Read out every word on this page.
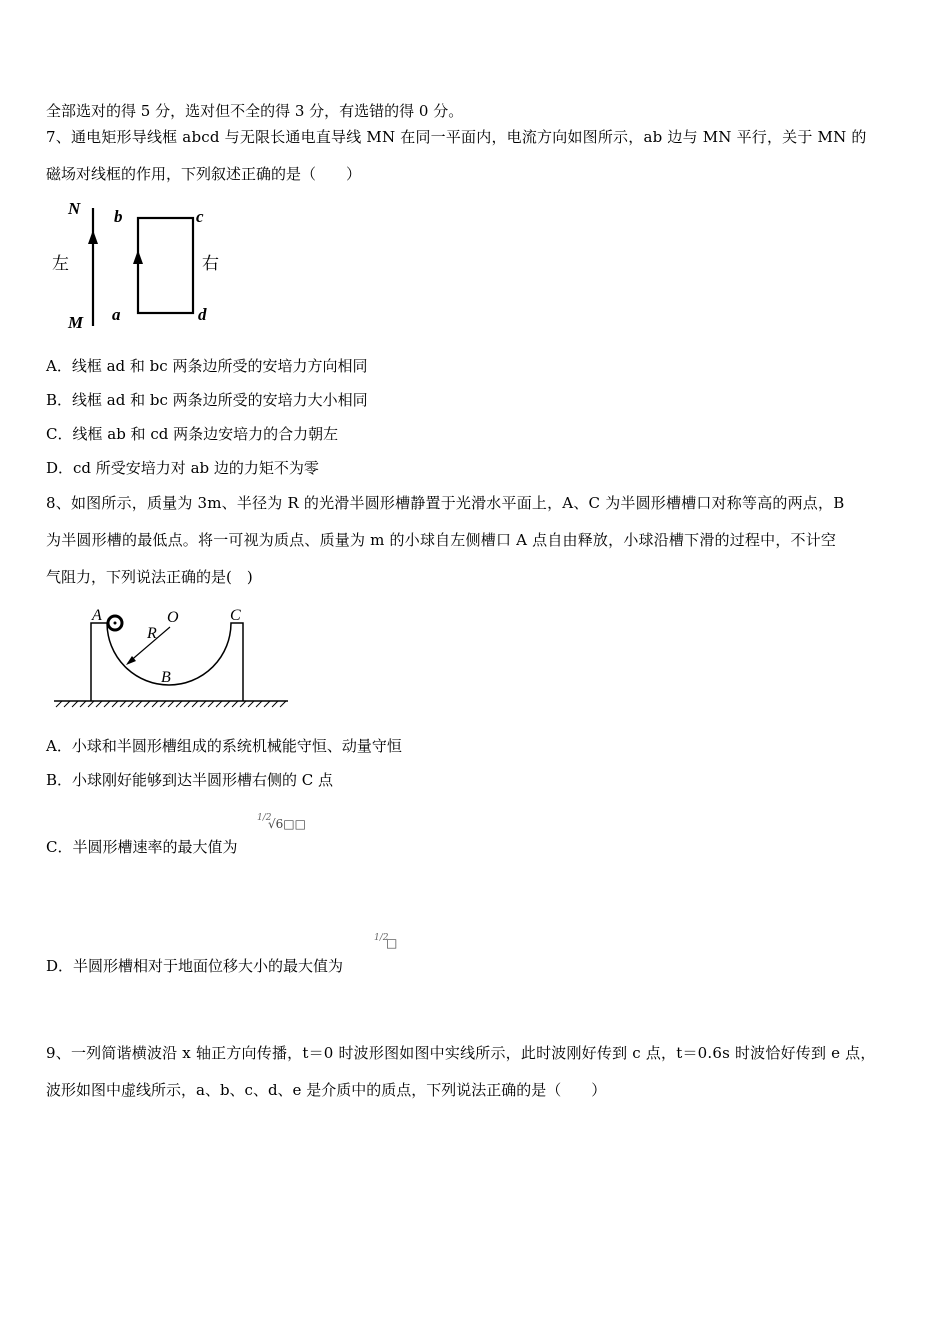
全部选对的得 5 分，选对但不全的得 3 分，有选错的得 0 分。
7、通电矩形导线框 abcd 与无限长通电直导线 MN 在同一平面内，电流方向如图所示，ab 边与 MN 平行，关于 MN 的
磁场对线框的作用，下列叙述正确的是（　　）
N
M
左	右
b	c
a	d
A．线框 ad 和 bc 两条边所受的安培力方向相同
B．线框 ad 和 bc 两条边所受的安培力大小相同
C．线框 ab 和 cd 两条边安培力的合力朝左
D．cd 所受安培力对 ab 边的力矩不为零
8、如图所示，质量为 3m、半径为 R 的光滑半圆形槽静置于光滑水平面上，A、C 为半圆形槽槽口对称等高的两点，B
为半圆形槽的最低点。将一可视为质点、质量为 m 的小球自左侧槽口 A 点自由释放，小球沿槽下滑的过程中，不计空
气阻力，下列说法正确的是(　)
A	C
O
R
B
A．小球和半圆形槽组成的系统机械能守恒、动量守恒
B．小球刚好能够到达半圆形槽右侧的 C 点
C．半圆形槽速率的最大值为
1/2
√6□□
D．半圆形槽相对于地面位移大小的最大值为
1/2
□
9、一列简谐横波沿 x 轴正方向传播，t＝0 时波形图如图中实线所示，此时波刚好传到 c 点，t＝0.6s 时波恰好传到 e 点，
波形如图中虚线所示，a、b、c、d、e 是介质中的质点，下列说法正确的是（　　）
